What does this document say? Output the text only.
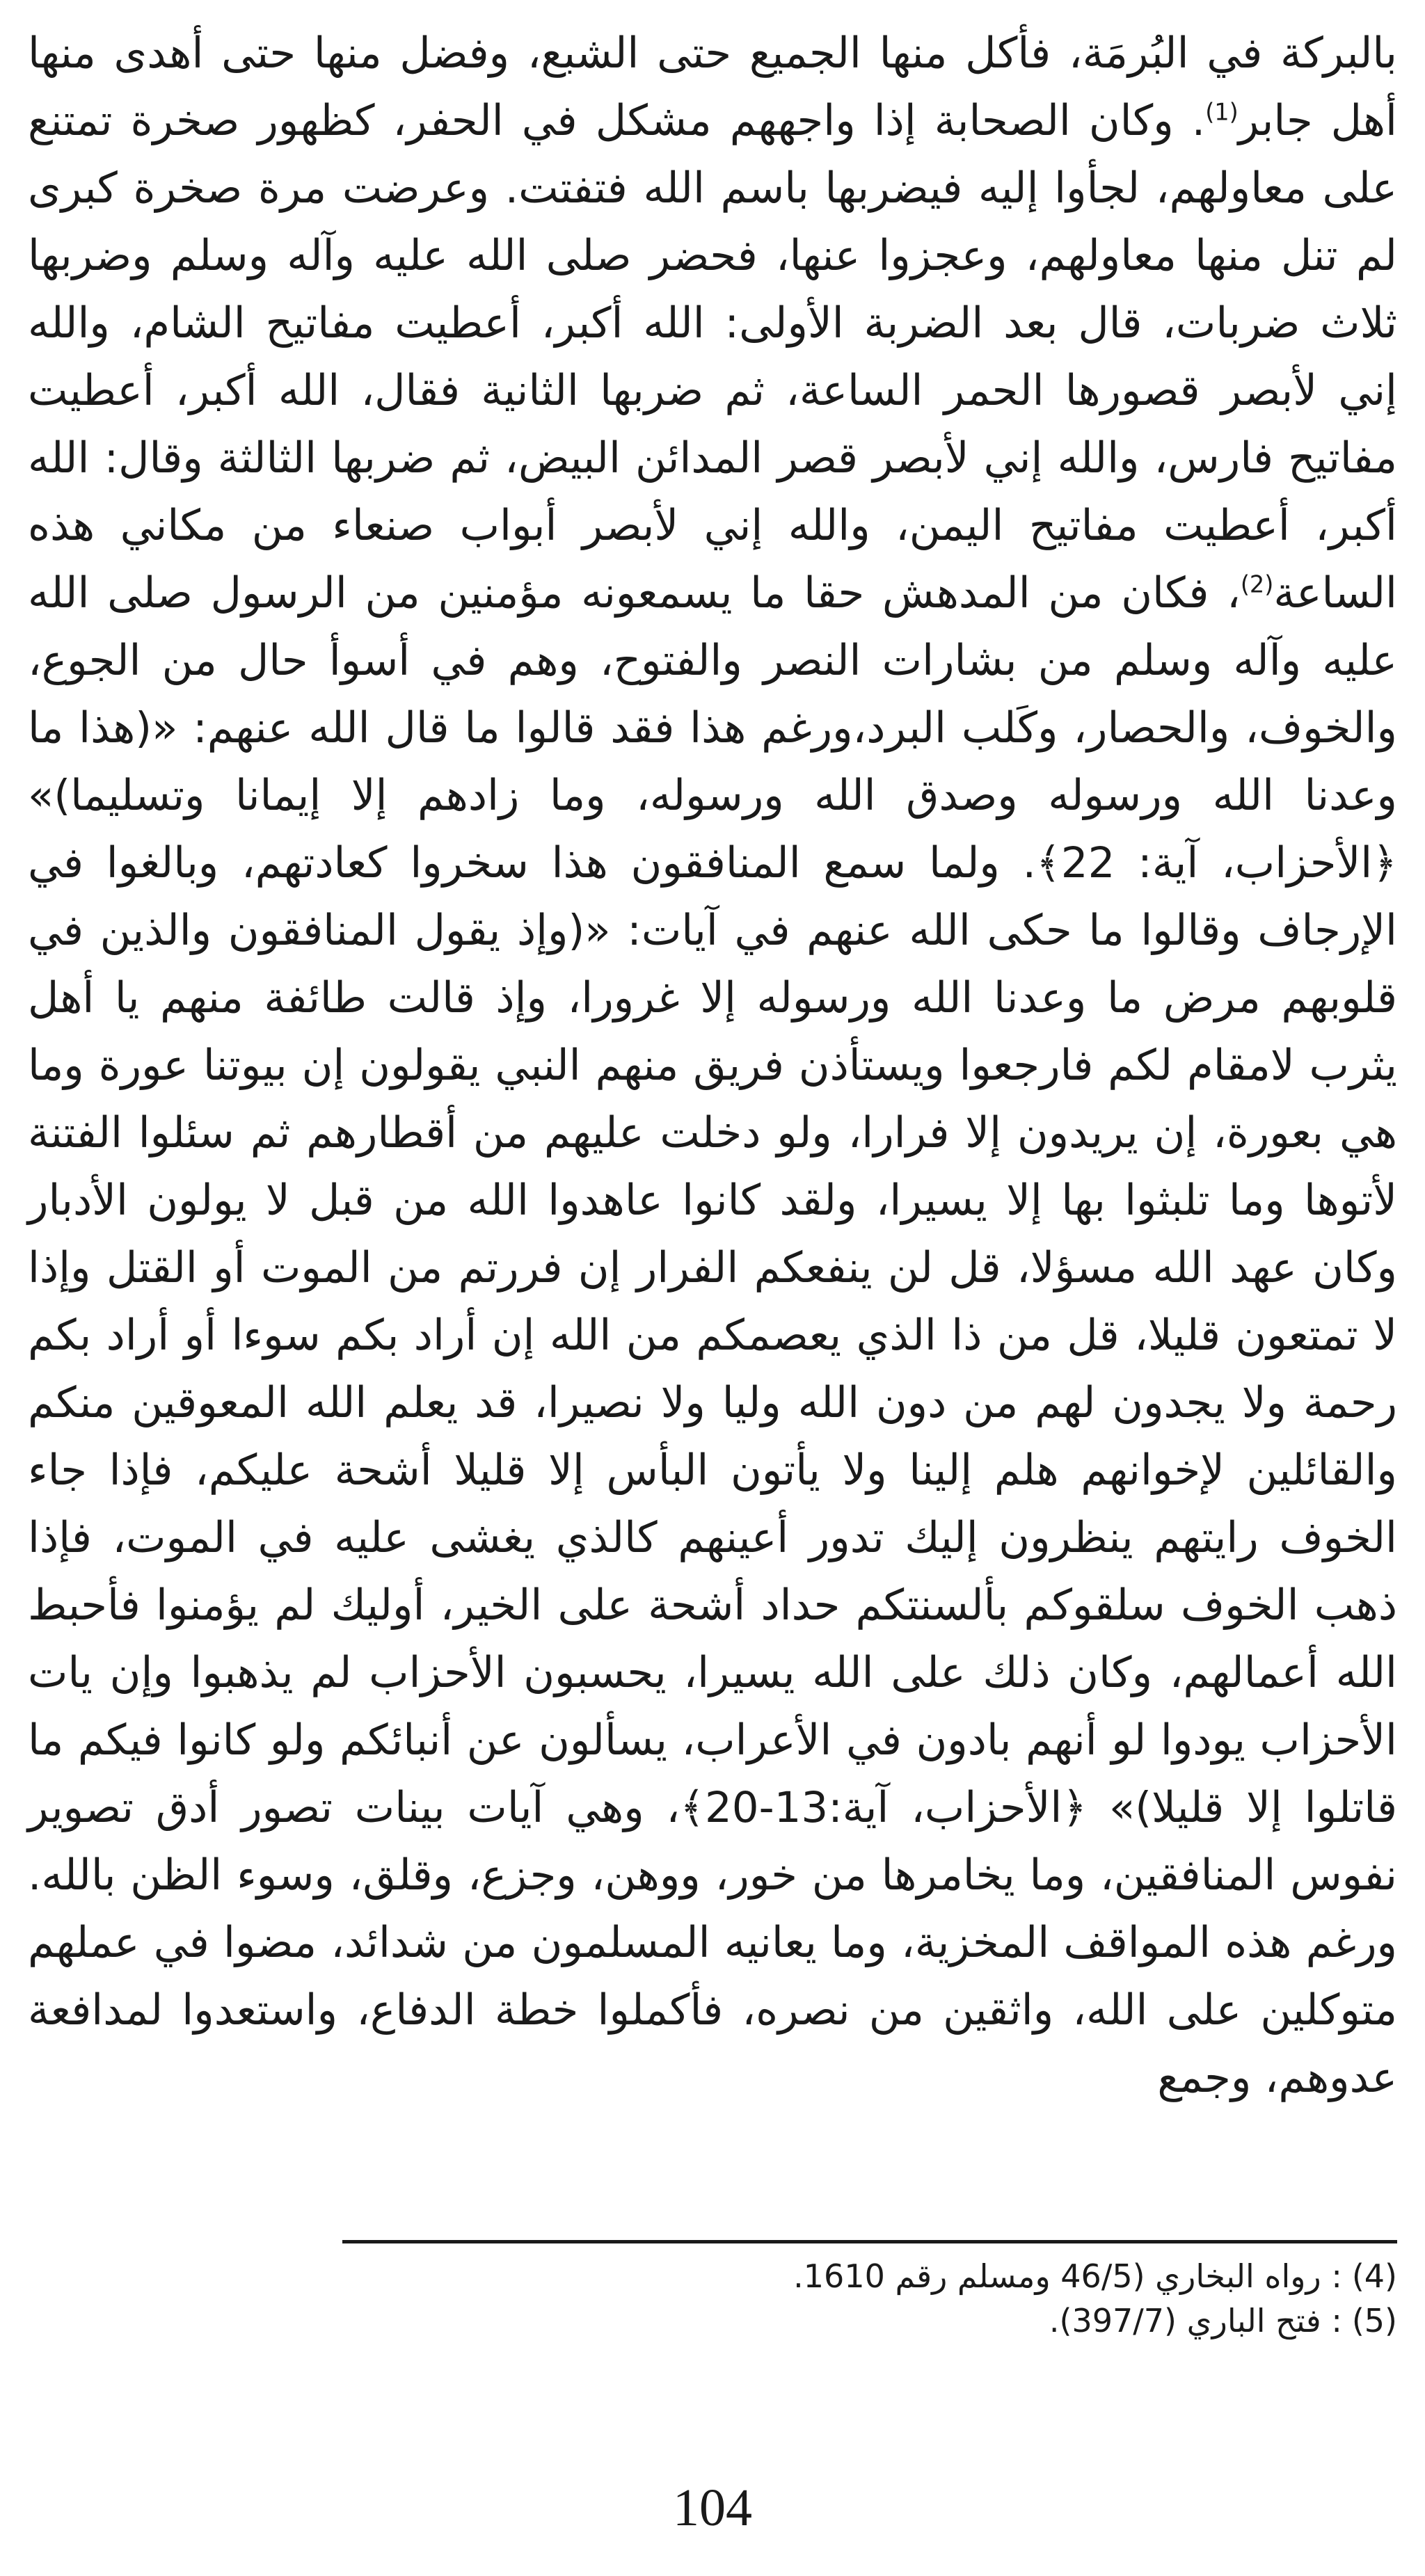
بالبركة في البُرمَة، فأكل منها الجميع حتى الشبع، وفضل منها حتى أهدى منها أهل جابر$^{(1)}$. وكان الصحابة إذا واجههم مشكل في الحفر، كظهور صخرة تمتنع على معاولهم، لجأوا إليه فيضربها باسم الله فتفتت. وعرضت مرة صخرة كبرى لم تنل منها معاولهم، وعجزوا عنها، فحضر صلى الله عليه وآله وسلم وضربها ثلاث ضربات، قال بعد الضربة الأولى: الله أكبر، أعطيت مفاتيح الشام، والله إني لأبصر قصورها الحمر الساعة، ثم ضربها الثانية فقال، الله أكبر، أعطيت مفاتيح فارس، والله إني لأبصر قصر المدائن البيض، ثم ضربها الثالثة وقال: الله أكبر، أعطيت مفاتيح اليمن، والله إني لأبصر أبواب صنعاء من مكاني هذه الساعة$^{(2)}$، فكان من المدهش حقا ما يسمعونه مؤمنين من الرسول صلى الله عليه وآله وسلم من بشارات النصر والفتوح، وهم في أسوأ حال من الجوع، والخوف، والحصار، وكَلب البرد،ورغم هذا فقد قالوا ما قال الله عنهم: «(هذا ما وعدنا الله ورسوله وصدق الله ورسوله، وما زادهم إلا إيمانا وتسليما)» ﴿الأحزاب، آية: 22﴾. ولما سمع المنافقون هذا سخروا كعادتهم، وبالغوا في الإرجاف وقالوا ما حكى الله عنهم في آيات: «(وإذ يقول المنافقون والذين في قلوبهم مرض ما وعدنا الله ورسوله إلا غرورا، وإذ قالت طائفة منهم يا أهل يثرب لامقام لكم فارجعوا ويستأذن فريق منهم النبي يقولون إن بيوتنا عورة وما هي بعورة، إن يريدون إلا فرارا، ولو دخلت عليهم من أقطارهم ثم سئلوا الفتنة لأتوها وما تلبثوا بها إلا يسيرا، ولقد كانوا عاهدوا الله من قبل لا يولون الأدبار وكان عهد الله مسؤلا، قل لن ينفعكم الفرار إن فررتم من الموت أو القتل وإذا لا تمتعون قليلا، قل من ذا الذي يعصمكم من الله إن أراد بكم سوءا أو أراد بكم رحمة ولا يجدون لهم من دون الله وليا ولا نصيرا، قد يعلم الله المعوقين منكم والقائلين لإخوانهم هلم إلينا ولا يأتون البأس إلا قليلا أشحة عليكم، فإذا جاء الخوف رايتهم ينظرون إليك تدور أعينهم كالذي يغشى عليه في الموت، فإذا ذهب الخوف سلقوكم بألسنتكم حداد أشحة على الخير، أوليك لم يؤمنوا فأحبط الله أعمالهم، وكان ذلك على الله يسيرا، يحسبون الأحزاب لم يذهبوا وإن يات الأحزاب يودوا لو أنهم بادون في الأعراب، يسألون عن أنبائكم ولو كانوا فيكم ما قاتلوا إلا قليلا)» ﴿الأحزاب، آية:13-20﴾، وهي آيات بينات تصور أدق تصوير نفوس المنافقين، وما يخامرها من خور، ووهن، وجزع، وقلق، وسوء الظن بالله. ورغم هذه المواقف المخزية، وما يعانيه المسلمون من شدائد، مضوا في عملهم متوكلين على الله، واثقين من نصره، فأكملوا خطة الدفاع، واستعدوا لمدافعة عدوهم، وجمع

(4)
: رواه البخاري (46/5 ومسلم رقم 1610.
(5)
: فتح الباري (397/7).
104
